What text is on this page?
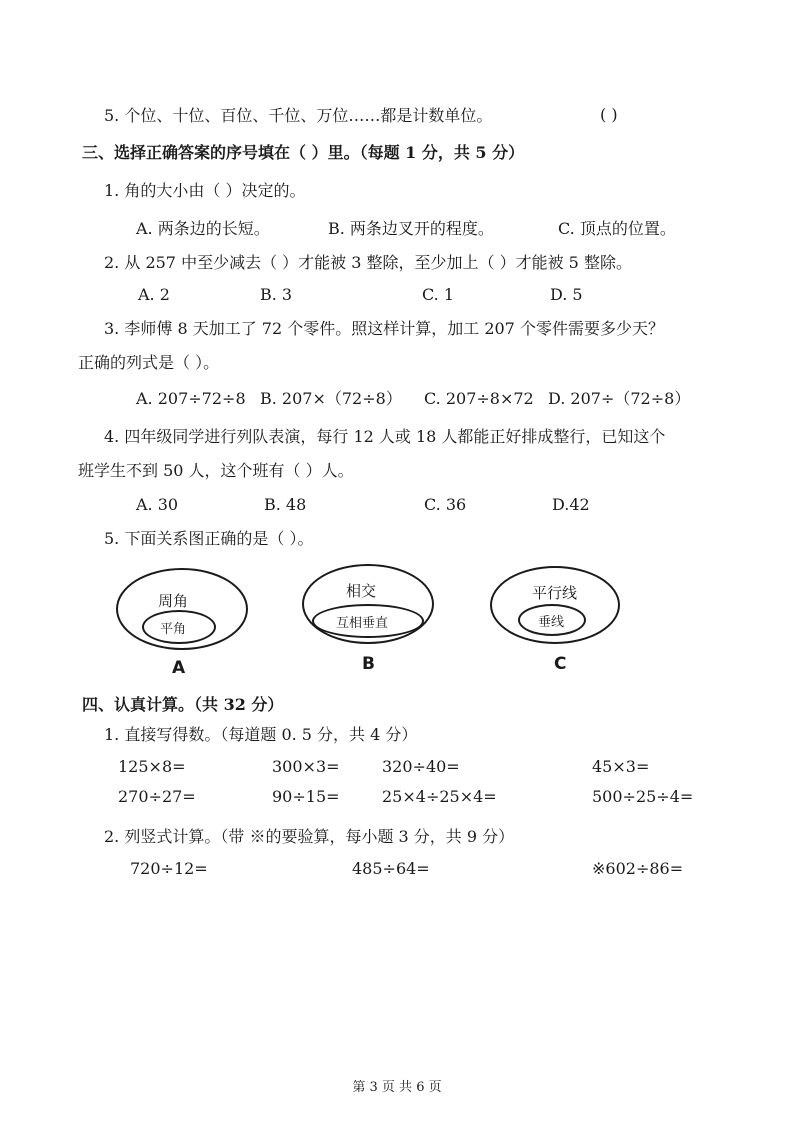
5. 个位、十位、百位、千位、万位……都是计数单位。	( )
三、选择正确答案的序号填在（ ）里。（每题 1 分，共 5 分）
1. 角的大小由（ ）决定的。
A. 两条边的长短。	B. 两条边叉开的程度。	C. 顶点的位置。
2. 从 257 中至少减去（ ）才能被 3 整除，至少加上（ ）才能被 5 整除。
A. 2	B. 3	C. 1	D. 5
3. 李师傅 8 天加工了 72 个零件。照这样计算，加工 207 个零件需要多少天？
正确的列式是（ ）。
A. 207÷72÷8 B. 207×（72÷8） C. 207÷8×72 D. 207÷（72÷8）
4. 四年级同学进行列队表演，每行 12 人或 18 人都能正好排成整行，已知这个
班学生不到 50 人，这个班有（ ）人。
A. 30	B. 48	C. 36	D.42
5. 下面关系图正确的是（ ）。
周角
平角
A
相交
互相垂直
B
平行线
垂线
C
四、认真计算。（共 32 分）
1. 直接写得数。（每道题 0. 5 分，共 4 分）
125×8=	300×3=	320÷40=	45×3=
270÷27=	90÷15=	25×4÷25×4=	500÷25÷4=
2. 列竖式计算。（带 ※的要验算，每小题 3 分，共 9 分）
720÷12=	485÷64=	※602÷86=
第 3 页 共 6 页
